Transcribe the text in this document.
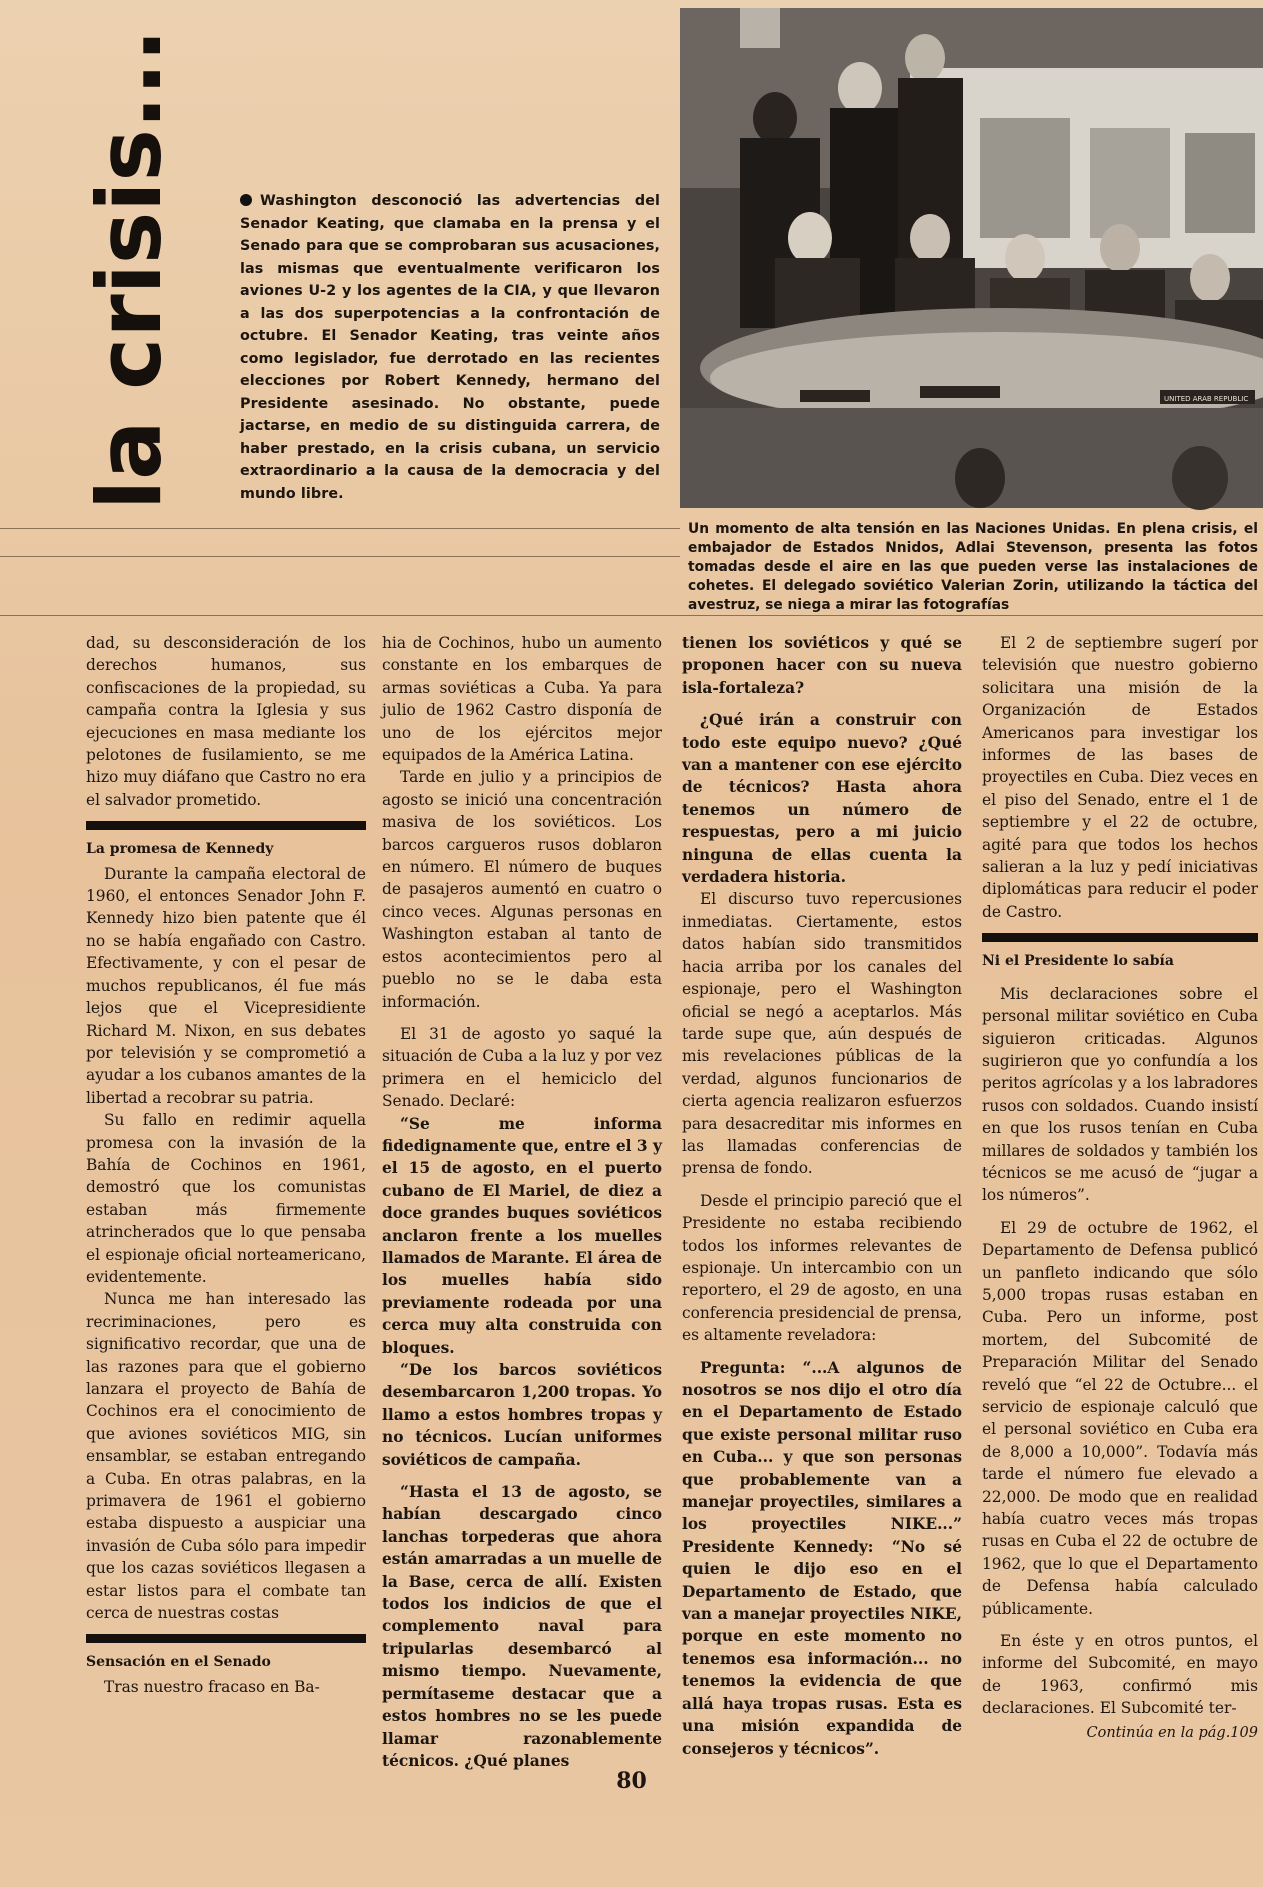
la crisis...	Washington desconoció las advertencias del Senador Keating, que clamaba en la prensa y el Senado para que se comprobaran sus acusaciones, las mismas que eventualmente verificaron los aviones U-2 y los agentes de la CIA, y que llevaron a las dos superpotencias a la confrontación de octubre. El Senador Keating, tras veinte años como legislador, fue derrotado en las recientes elecciones por Robert Kennedy, hermano del Presidente asesinado. No obstante, puede jactarse, en medio de su distinguida carrera, de haber prestado, en la crisis cubana, un servicio extraordinario a la causa de la democracia y del mundo libre.
UNITED ARAB REPUBLIC
Un momento de alta tensión en las Naciones Unidas. En plena crisis, el embajador de Estados Nnidos, Adlai Stevenson, presenta las fotos tomadas desde el aire en las que pueden verse las instalaciones de cohetes. El delegado soviético Valerian Zorin, utilizando la táctica del avestruz, se niega a mirar las fotografías

dad, su desconsideración de los derechos humanos, sus confiscaciones de la propiedad, su campaña contra la Iglesia y sus ejecuciones en masa mediante los pelotones de fusilamiento, se me hizo muy diáfano que Castro no era el salvador prometido.

La promesa de Kennedy

Durante la campaña electoral de 1960, el entonces Senador John F. Kennedy hizo bien patente que él no se había engañado con Castro. Efectivamente, y con el pesar de muchos republicanos, él fue más lejos que el Vicepresidiente Richard M. Nixon, en sus debates por televisión y se comprometió a ayudar a los cubanos amantes de la libertad a recobrar su patria.

Su fallo en redimir aquella promesa con la invasión de la Bahía de Cochinos en 1961, demostró que los comunistas estaban más firmemente atrincherados que lo que pensaba el espionaje oficial norteamericano, evidentemente.

Nunca me han interesado las recriminaciones, pero es significativo recordar, que una de las razones para que el gobierno lanzara el proyecto de Bahía de Cochinos era el conocimiento de que aviones soviéticos MIG, sin ensamblar, se estaban entregando a Cuba. En otras palabras, en la primavera de 1961 el gobierno estaba dispuesto a auspiciar una invasión de Cuba sólo para impedir que los cazas soviéticos llegasen a estar listos para el combate tan cerca de nuestras costas

Sensación en el Senado

Tras nuestro fracaso en Ba-

hia de Cochinos, hubo un aumento constante en los embarques de armas soviéticas a Cuba. Ya para julio de 1962 Castro disponía de uno de los ejércitos mejor equipados de la América Latina.

Tarde en julio y a principios de agosto se inició una concentración masiva de los soviéticos. Los barcos cargueros rusos doblaron en número. El número de buques de pasajeros aumentó en cuatro o cinco veces. Algunas personas en Washington estaban al tanto de estos acontecimientos pero al pueblo no se le daba esta información.

El 31 de agosto yo saqué la situación de Cuba a la luz y por vez primera en el hemiciclo del Senado. Declaré:

“Se me informa fidedignamente que, entre el 3 y el 15 de agosto, en el puerto cubano de El Mariel, de diez a doce grandes buques soviéticos anclaron frente a los muelles llamados de Marante. El área de los muelles había sido previamente rodeada por una cerca muy alta construida con bloques.

“De los barcos soviéticos desembarcaron 1,200 tropas. Yo llamo a estos hombres tropas y no técnicos. Lucían uniformes soviéticos de campaña.

“Hasta el 13 de agosto, se habían descargado cinco lanchas torpederas que ahora están amarradas a un muelle de la Base, cerca de allí. Existen todos los indicios de que el complemento naval para tripularlas desembarcó al mismo tiempo. Nuevamente, permítaseme destacar que a estos hombres no se les puede llamar razonablemente técnicos. ¿Qué planes

tienen los soviéticos y qué se proponen hacer con su nueva isla-fortaleza?

¿Qué irán a construir con todo este equipo nuevo? ¿Qué van a mantener con ese ejército de técnicos? Hasta ahora tenemos un número de respuestas, pero a mi juicio ninguna de ellas cuenta la verdadera historia.

El discurso tuvo repercusiones inmediatas. Ciertamente, estos datos habían sido transmitidos hacia arriba por los canales del espionaje, pero el Washington oficial se negó a aceptarlos. Más tarde supe que, aún después de mis revelaciones públicas de la verdad, algunos funcionarios de cierta agencia realizaron esfuerzos para desacreditar mis informes en las llamadas conferencias de prensa de fondo.

Desde el principio pareció que el Presidente no estaba recibiendo todos los informes relevantes de espionaje. Un intercambio con un reportero, el 29 de agosto, en una conferencia presidencial de prensa, es altamente reveladora:

Pregunta: “...A algunos de nosotros se nos dijo el otro día en el Departamento de Estado que existe personal militar ruso en Cuba... y que son personas que probablemente van a manejar proyectiles, similares a los proyectiles NIKE...” Presidente Kennedy: “No sé quien le dijo eso en el Departamento de Estado, que van a manejar proyectiles NIKE, porque en este momento no tenemos esa información... no tenemos la evidencia de que allá haya tropas rusas. Esta es una misión expandida de consejeros y técnicos”.

El 2 de septiembre sugerí por televisión que nuestro gobierno solicitara una misión de la Organización de Estados Americanos para investigar los informes de las bases de proyectiles en Cuba. Diez veces en el piso del Senado, entre el 1 de septiembre y el 22 de octubre, agité para que todos los hechos salieran a la luz y pedí iniciativas diplomáticas para reducir el poder de Castro.

Ni el Presidente lo sabía

Mis declaraciones sobre el personal militar soviético en Cuba siguieron criticadas. Algunos sugirieron que yo confundía a los peritos agrícolas y a los labradores rusos con soldados. Cuando insistí en que los rusos tenían en Cuba millares de soldados y también los técnicos se me acusó de “jugar a los números”.

El 29 de octubre de 1962, el Departamento de Defensa publicó un panfleto indicando que sólo 5,000 tropas rusas estaban en Cuba. Pero un informe, post mortem, del Subcomité de Preparación Militar del Senado reveló que “el 22 de Octubre... el servicio de espionaje calculó que el personal soviético en Cuba era de 8,000 a 10,000”. Todavía más tarde el número fue elevado a 22,000. De modo que en realidad había cuatro veces más tropas rusas en Cuba el 22 de octubre de 1962, que lo que el Departamento de Defensa había calculado públicamente.

En éste y en otros puntos, el informe del Subcomité, en mayo de 1963, confirmó mis declaraciones. El Subcomité ter-

Continúa en la pág.109
80
